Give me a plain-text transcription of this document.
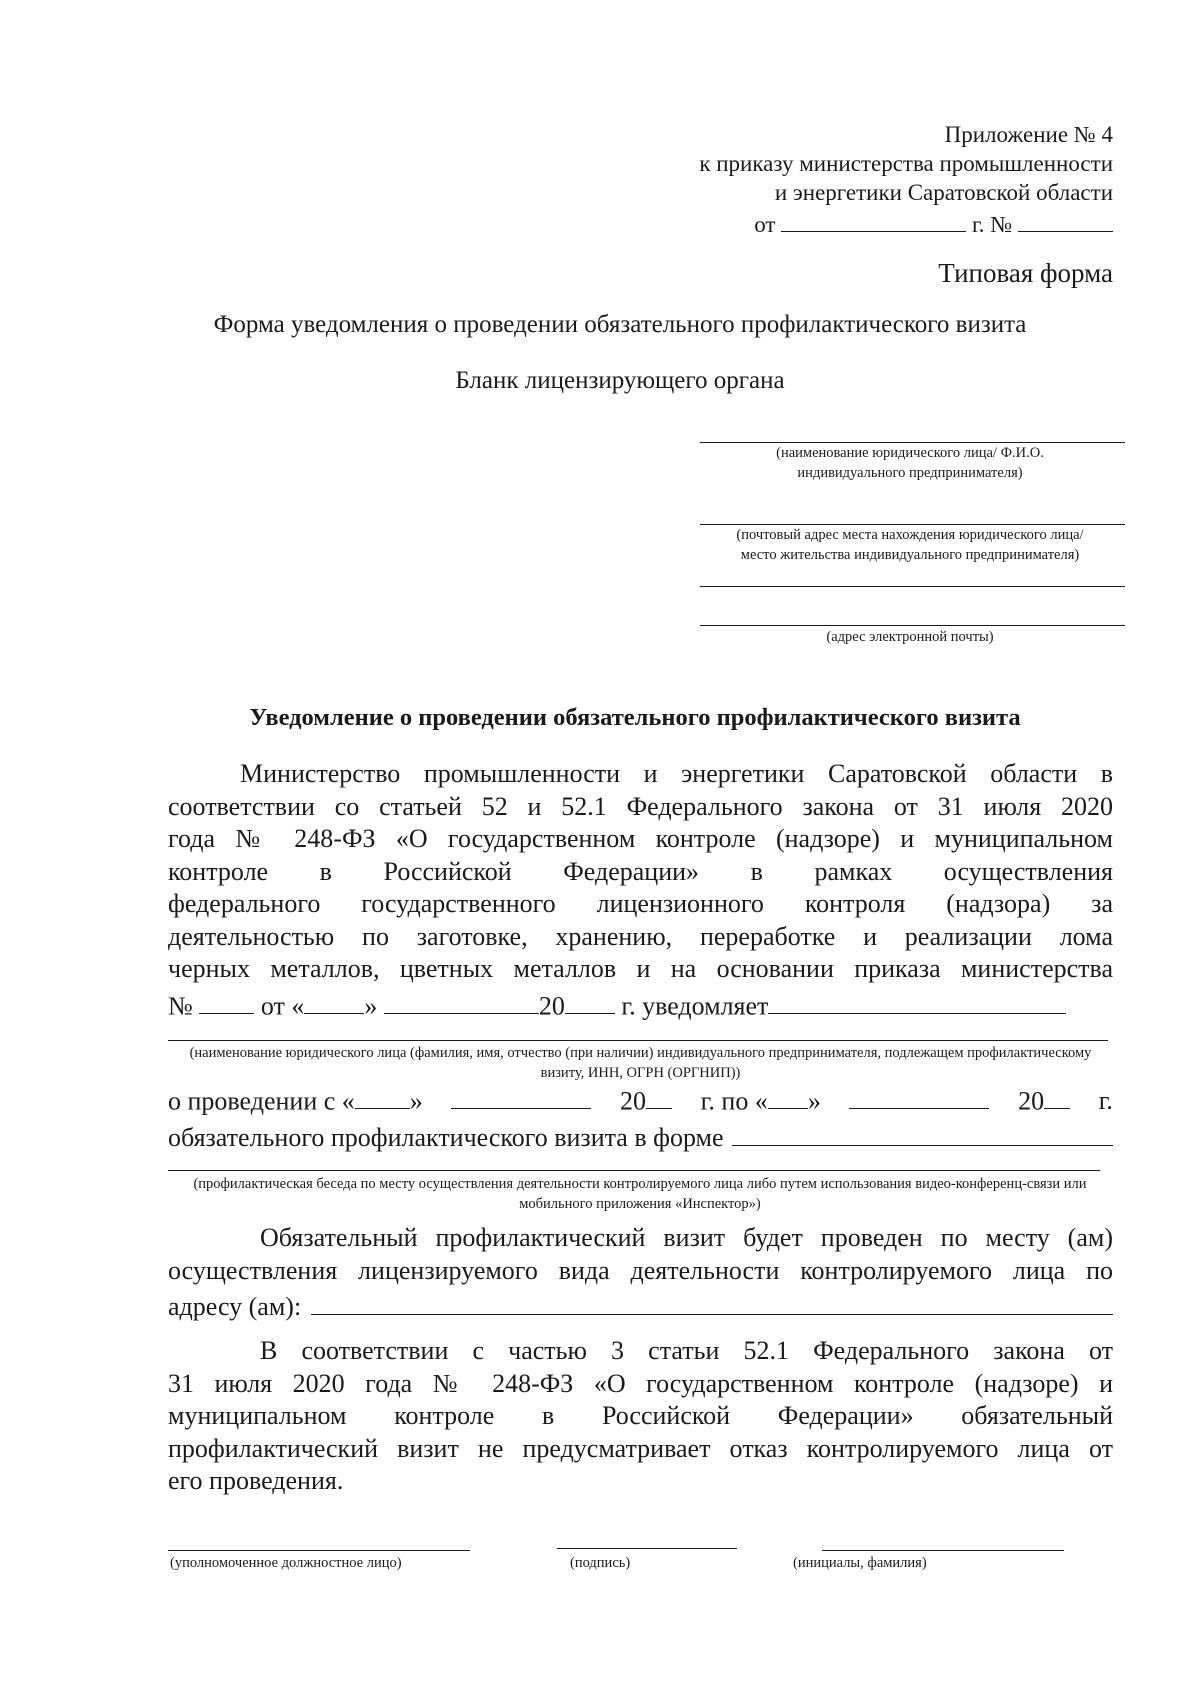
Приложение № 4
к приказу министерства промышленности
и энергетики Саратовской области
от	г. №
Типовая форма
Форма уведомления о проведении обязательного профилактического визита
Бланк лицензирующего органа
(наименование юридического лица/ Ф.И.О. индивидуального предпринимателя)
(почтовый адрес места нахождения юридического лица/место жительства индивидуального предпринимателя)
(адрес электронной почты)
Уведомление о проведении обязательного профилактического визита
Министерство промышленности и энергетики Саратовской области в
соответствии со статьей 52 и 52.1 Федерального закона от 31 июля 2020
года № 248-ФЗ «О государственном контроле (надзоре) и муниципальном
контроле в Российской Федерации» в рамках осуществления
федерального государственного лицензионного контроля (надзора) за
деятельностью по заготовке, хранению, переработке и реализации лома
черных металлов, цветных металлов и на основании приказа министерства
№	от « »	20 г. уведомляет
(наименование юридического лица (фамилия, имя, отчество (при наличии) индивидуального предпринимателя, подлежащем профилактическому визиту, ИНН, ОГРН (ОРГНИП))
о проведении с « »	20	г. по « »	20	г.
обязательного профилактического визита в форме
(профилактическая беседа по месту осуществления деятельности контролируемого лица либо путем использования видео-конференц-связи или мобильного приложения «Инспектор»)
Обязательный профилактический визит будет проведен по месту (ам)
осуществления лицензируемого вида деятельности контролируемого лица по
адресу (ам):
В соответствии с частью 3 статьи 52.1 Федерального закона от
31 июля 2020 года № 248-ФЗ «О государственном контроле (надзоре) и
муниципальном контроле в Российской Федерации» обязательный
профилактический визит не предусматривает отказ контролируемого лица от
его проведения.
(уполномоченное должностное лицо)	(подпись)	(инициалы, фамилия)
